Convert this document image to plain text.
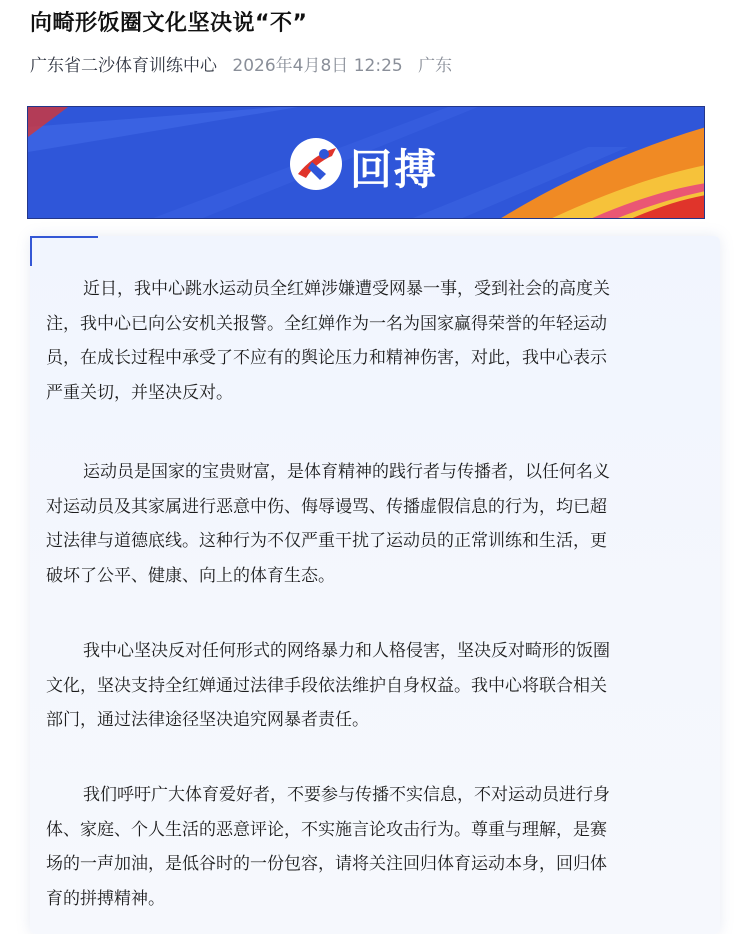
向畸形饭圈文化坚决说“不”
广东省二沙体育训练中心 2026年4月8日 12:25 广东
回搏

近日，我中心跳水运动员全红婵涉嫌遭受网暴一事，受到社会的高度关
注，我中心已向公安机关报警。全红婵作为一名为国家赢得荣誉的年轻运动
员，在成长过程中承受了不应有的舆论压力和精神伤害，对此，我中心表示
严重关切，并坚决反对。

运动员是国家的宝贵财富，是体育精神的践行者与传播者，以任何名义
对运动员及其家属进行恶意中伤、侮辱谩骂、传播虚假信息的行为，均已超
过法律与道德底线。这种行为不仅严重干扰了运动员的正常训练和生活，更
破坏了公平、健康、向上的体育生态。

我中心坚决反对任何形式的网络暴力和人格侵害，坚决反对畸形的饭圈
文化，坚决支持全红婵通过法律手段依法维护自身权益。我中心将联合相关
部门，通过法律途径坚决追究网暴者责任。

我们呼吁广大体育爱好者，不要参与传播不实信息，不对运动员进行身
体、家庭、个人生活的恶意评论，不实施言论攻击行为。尊重与理解，是赛
场的一声加油，是低谷时的一份包容，请将关注回归体育运动本身，回归体
育的拼搏精神。
